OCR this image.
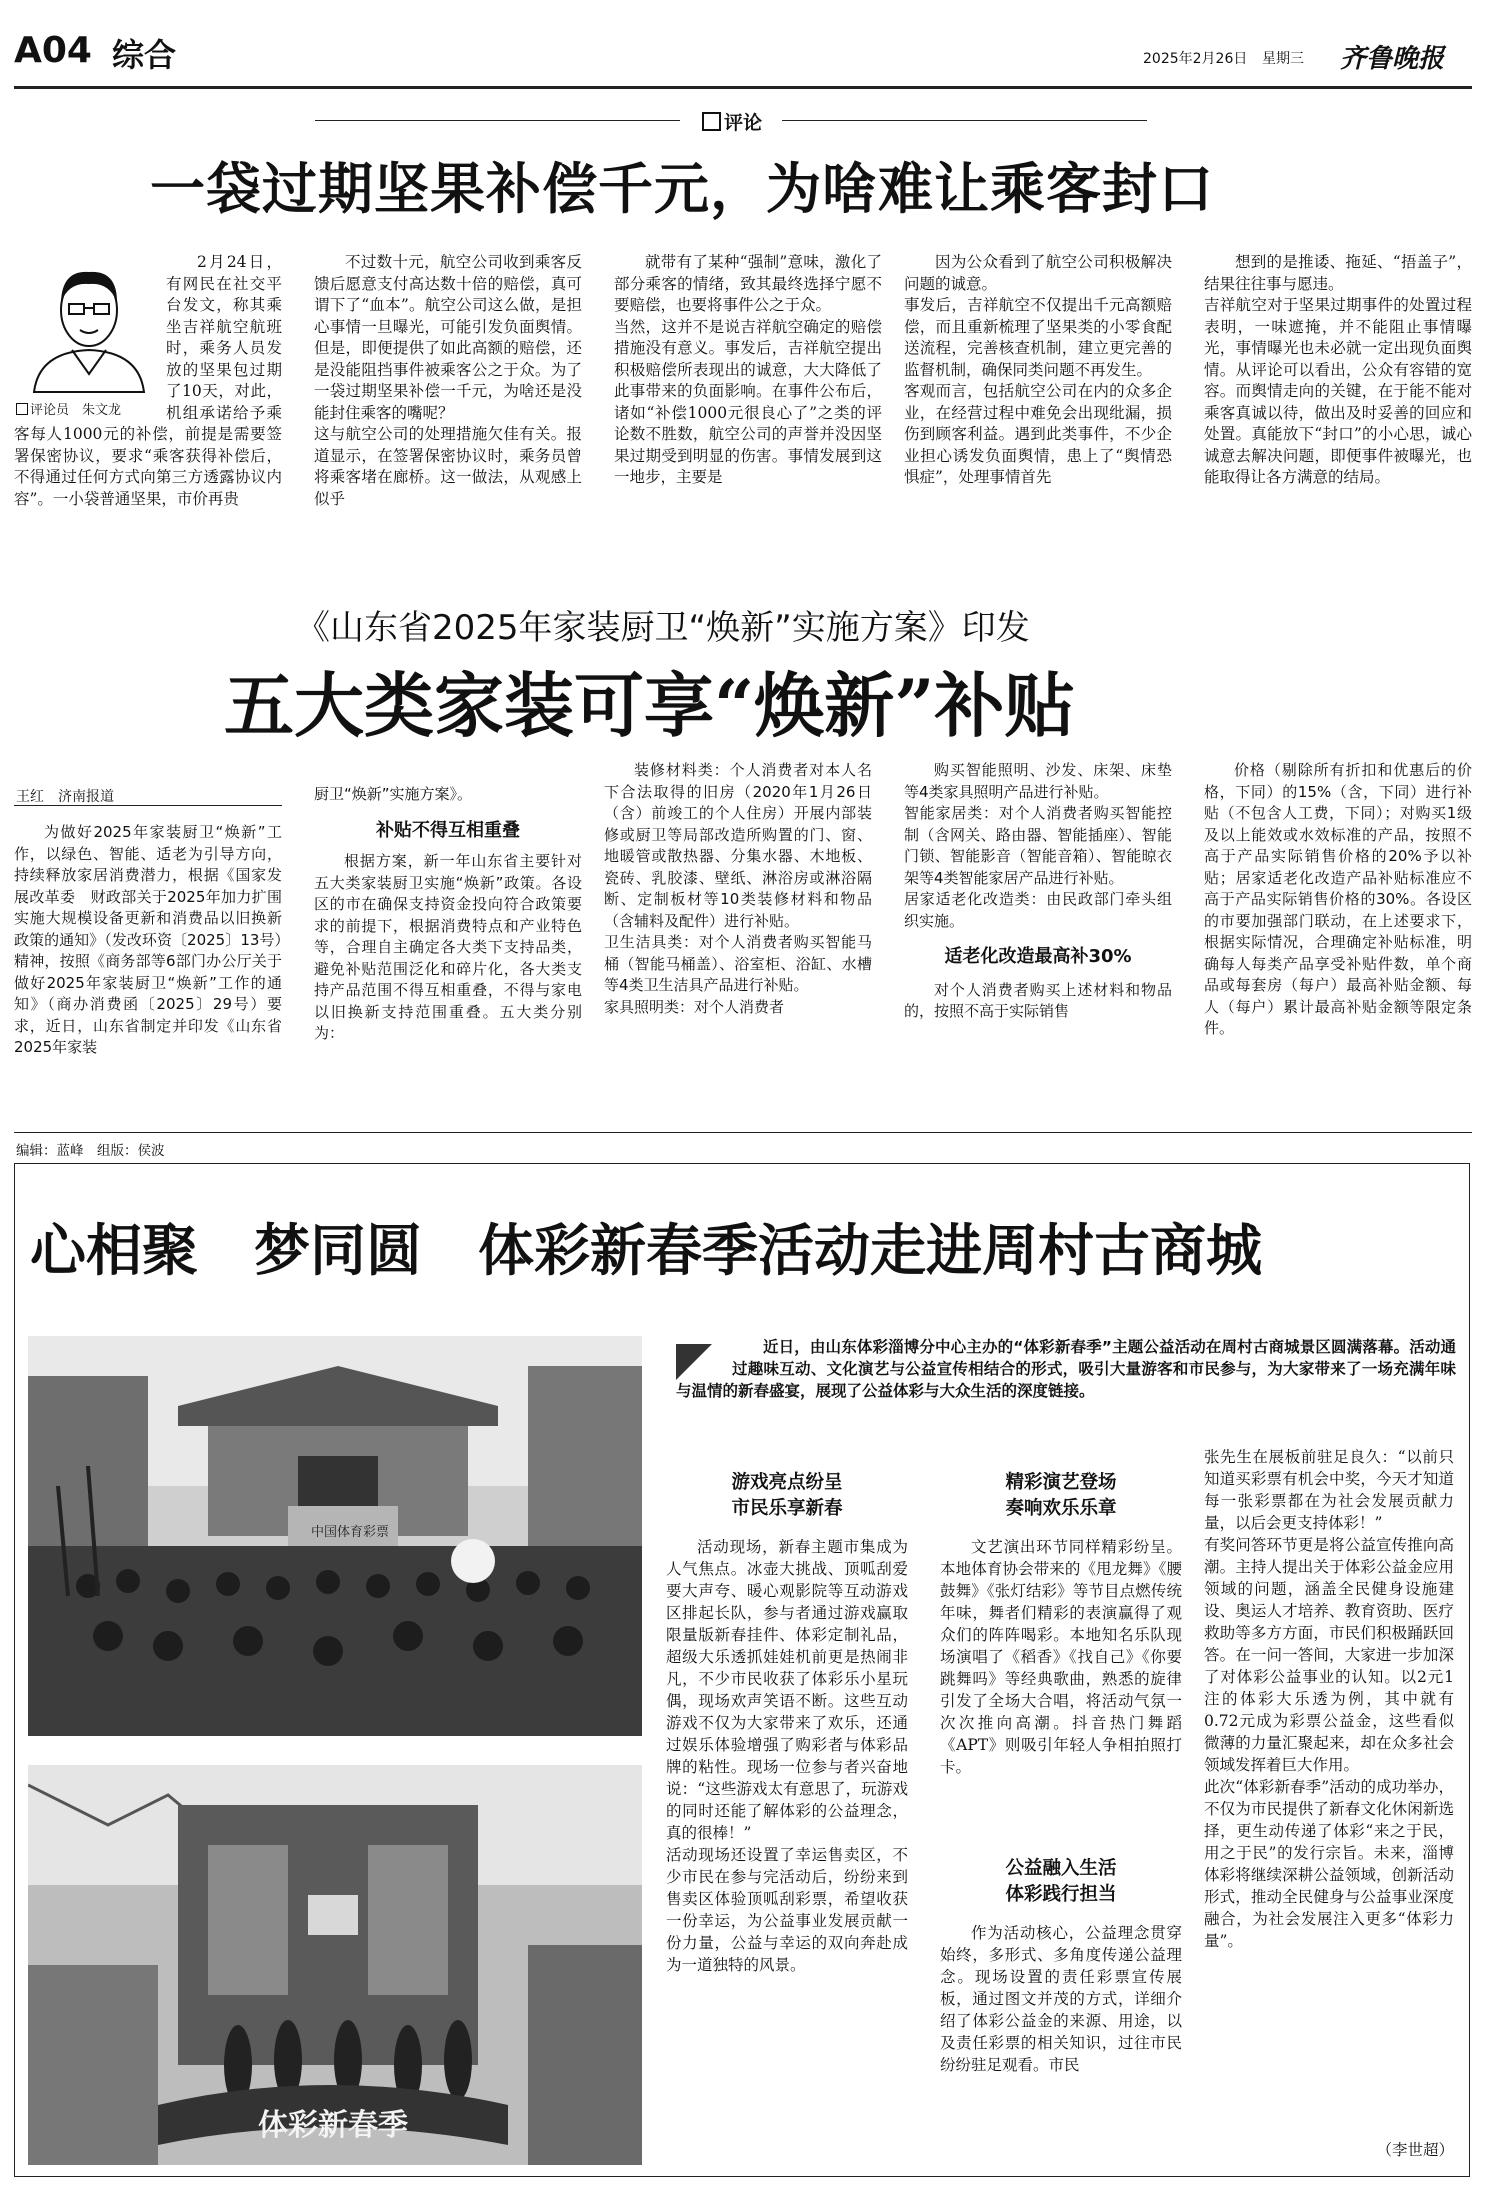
A04 综合	2025年2月26日 星期三 齐鲁晚报
评论
一袋过期坚果补偿千元，为啥难让乘客封口
评论员　朱文龙

2月24日，有网民在社交平台发文，称其乘坐吉祥航空航班时，乘务人员发放的坚果包过期了10天，对此，机组承诺给予乘客每人1000元的补偿，前提是需要签署保密协议，要求“乘客获得补偿后，不得通过任何方式向第三方透露协议内容”。一小袋普通坚果，市价再贵

不过数十元，航空公司收到乘客反馈后愿意支付高达数十倍的赔偿，真可谓下了“血本”。航空公司这么做，是担心事情一旦曝光，可能引发负面舆情。但是，即便提供了如此高额的赔偿，还是没能阻挡事件被乘客公之于众。为了一袋过期坚果补偿一千元，为啥还是没能封住乘客的嘴呢？
这与航空公司的处理措施欠佳有关。报道显示，在签署保密协议时，乘务员曾将乘客堵在廊桥。这一做法，从观感上似乎

就带有了某种“强制”意味，激化了部分乘客的情绪，致其最终选择宁愿不要赔偿，也要将事件公之于众。
当然，这并不是说吉祥航空确定的赔偿措施没有意义。事发后，吉祥航空提出积极赔偿所表现出的诚意，大大降低了此事带来的负面影响。在事件公布后，诸如“补偿1000元很良心了”之类的评论数不胜数，航空公司的声誉并没因坚果过期受到明显的伤害。事情发展到这一地步，主要是

因为公众看到了航空公司积极解决问题的诚意。
事发后，吉祥航空不仅提出千元高额赔偿，而且重新梳理了坚果类的小零食配送流程，完善核查机制，建立更完善的监督机制，确保同类问题不再发生。
客观而言，包括航空公司在内的众多企业，在经营过程中难免会出现纰漏，损伤到顾客利益。遇到此类事件，不少企业担心诱发负面舆情，患上了“舆情恐惧症”，处理事情首先

想到的是推诿、拖延、“捂盖子”，结果往往事与愿违。
吉祥航空对于坚果过期事件的处置过程表明，一味遮掩，并不能阻止事情曝光，事情曝光也未必就一定出现负面舆情。从评论可以看出，公众有容错的宽容。而舆情走向的关键，在于能不能对乘客真诚以待，做出及时妥善的回应和处置。真能放下“封口”的小心思，诚心诚意去解决问题，即便事件被曝光，也能取得让各方满意的结局。

《山东省2025年家装厨卫“焕新”实施方案》印发
五大类家装可享“焕新”补贴
王红　济南报道

为做好2025年家装厨卫“焕新”工作，以绿色、智能、适老为引导方向，持续释放家居消费潜力，根据《国家发展改革委　财政部关于2025年加力扩围实施大规模设备更新和消费品以旧换新政策的通知》（发改环资〔2025〕13号）精神，按照《商务部等6部门办公厅关于做好2025年家装厨卫“焕新”工作的通知》（商办消费函〔2025〕29号）要求，近日，山东省制定并印发《山东省2025年家装

厨卫“焕新”实施方案》。
补贴不得互相重叠

根据方案，新一年山东省主要针对五大类家装厨卫实施“焕新”政策。各设区的市在确保支持资金投向符合政策要求的前提下，根据消费特点和产业特色等，合理自主确定各大类下支持品类，避免补贴范围泛化和碎片化，各大类支持产品范围不得互相重叠，不得与家电以旧换新支持范围重叠。五大类分别为：

装修材料类：个人消费者对本人名下合法取得的旧房（2020年1月26日（含）前竣工的个人住房）开展内部装修或厨卫等局部改造所购置的门、窗、地暖管或散热器、分集水器、木地板、瓷砖、乳胶漆、壁纸、淋浴房或淋浴隔断、定制板材等10类装修材料和物品（含辅料及配件）进行补贴。
卫生洁具类：对个人消费者购买智能马桶（智能马桶盖）、浴室柜、浴缸、水槽等4类卫生洁具产品进行补贴。
家具照明类：对个人消费者

购买智能照明、沙发、床架、床垫等4类家具照明产品进行补贴。
智能家居类：对个人消费者购买智能控制（含网关、路由器、智能插座）、智能门锁、智能影音（智能音箱）、智能晾衣架等4类智能家居产品进行补贴。
居家适老化改造类：由民政部门牵头组织实施。

适老化改造最高补30%

对个人消费者购买上述材料和物品的，按照不高于实际销售

价格（剔除所有折扣和优惠后的价格，下同）的15%（含，下同）进行补贴（不包含人工费，下同）；对购买1级及以上能效或水效标准的产品，按照不高于产品实际销售价格的20%予以补贴；居家适老化改造产品补贴标准应不高于产品实际销售价格的30%。各设区的市要加强部门联动，在上述要求下，根据实际情况，合理确定补贴标准，明确每人每类产品享受补贴件数，单个商品或每套房（每户）最高补贴金额、每人（每户）累计最高补贴金额等限定条件。

编辑：蓝峰　组版：侯波
心相聚　梦同圆　体彩新春季活动走进周村古商城
中国体育彩票
体彩新春季

近日，由山东体彩淄博分中心主办的“体彩新春季”主题公益活动在周村古商城景区圆满落幕。活动通过趣味互动、文化演艺与公益宣传相结合的形式，吸引大量游客和市民参与，为大家带来了一场充满年味与温情的新春盛宴，展现了公益体彩与大众生活的深度链接。

游戏亮点纷呈
市民乐享新春

活动现场，新春主题市集成为人气焦点。冰壶大挑战、顶呱刮爱要大声夸、暖心观影院等互动游戏区排起长队，参与者通过游戏赢取限量版新春挂件、体彩定制礼品，超级大乐透抓娃娃机前更是热闹非凡，不少市民收获了体彩乐小星玩偶，现场欢声笑语不断。这些互动游戏不仅为大家带来了欢乐，还通过娱乐体验增强了购彩者与体彩品牌的粘性。现场一位参与者兴奋地说：“这些游戏太有意思了，玩游戏的同时还能了解体彩的公益理念，真的很棒！”
活动现场还设置了幸运售卖区，不少市民在参与完活动后，纷纷来到售卖区体验顶呱刮彩票，希望收获一份幸运，为公益事业发展贡献一份力量，公益与幸运的双向奔赴成为一道独特的风景。

精彩演艺登场
奏响欢乐乐章

文艺演出环节同样精彩纷呈。本地体育协会带来的《甩龙舞》《腰鼓舞》《张灯结彩》等节目点燃传统年味，舞者们精彩的表演赢得了观众们的阵阵喝彩。本地知名乐队现场演唱了《稻香》《找自己》《你要跳舞吗》等经典歌曲，熟悉的旋律引发了全场大合唱，将活动气氛一次次推向高潮。抖音热门舞蹈《APT》则吸引年轻人争相拍照打卡。

公益融入生活
体彩践行担当

作为活动核心，公益理念贯穿始终，多形式、多角度传递公益理念。现场设置的责任彩票宣传展板，通过图文并茂的方式，详细介绍了体彩公益金的来源、用途，以及责任彩票的相关知识，过往市民纷纷驻足观看。市民

张先生在展板前驻足良久：“以前只知道买彩票有机会中奖，今天才知道每一张彩票都在为社会发展贡献力量，以后会更支持体彩！”
有奖问答环节更是将公益宣传推向高潮。主持人提出关于体彩公益金应用领域的问题，涵盖全民健身设施建设、奥运人才培养、教育资助、医疗救助等多方方面，市民们积极踊跃回答。在一问一答间，大家进一步加深了对体彩公益事业的认知。以2元1注的体彩大乐透为例，其中就有0.72元成为彩票公益金，这些看似微薄的力量汇聚起来，却在众多社会领域发挥着巨大作用。
此次“体彩新春季”活动的成功举办，不仅为市民提供了新春文化休闲新选择，更生动传递了体彩“来之于民，用之于民”的发行宗旨。未来，淄博体彩将继续深耕公益领域，创新活动形式，推动全民健身与公益事业深度融合，为社会发展注入更多“体彩力量”。

（李世超）
